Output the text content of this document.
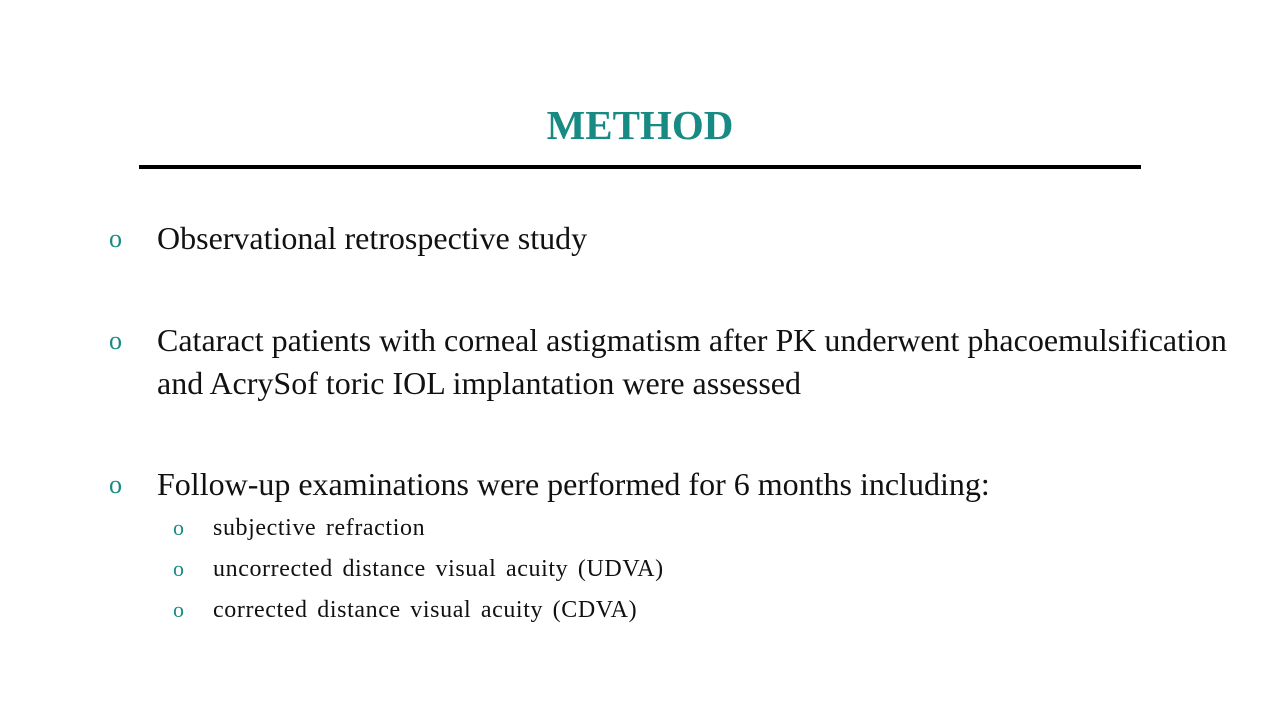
METHOD
o Observational retrospective study
o Cataract patients with corneal astigmatism after PK underwent phacoemulsification and AcrySof toric IOL implantation were assessed
o Follow-up examinations were performed for 6 months including:
o subjective refraction
o uncorrected distance visual acuity (UDVA)
o corrected distance visual acuity (CDVA)
